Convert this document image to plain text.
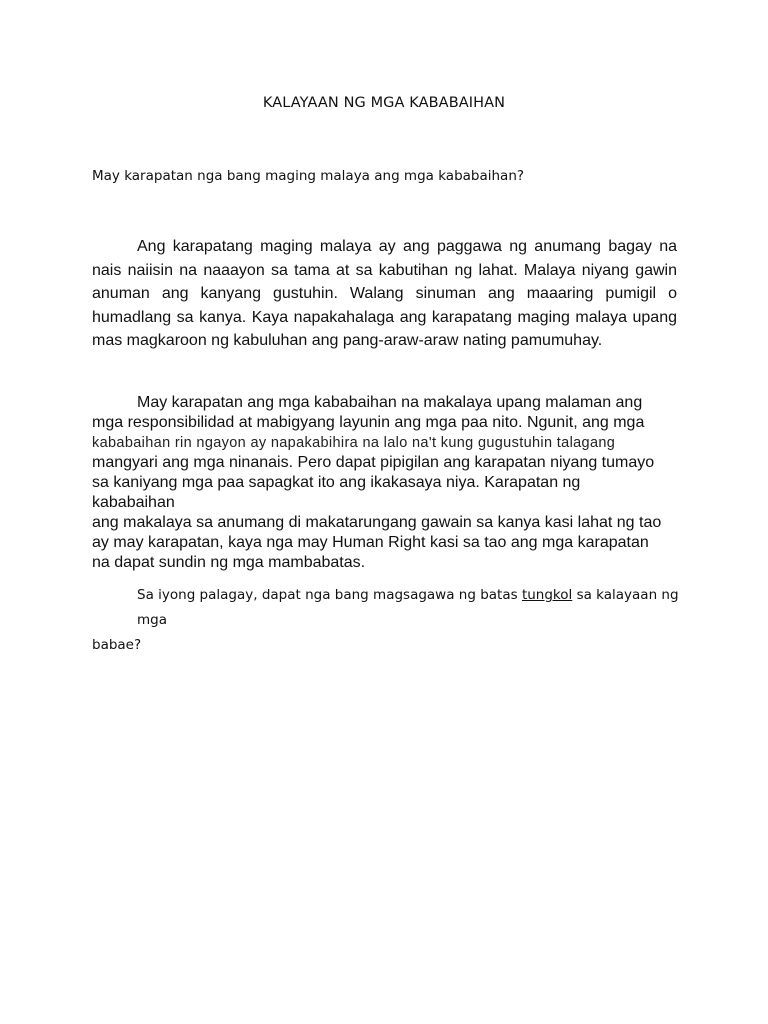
KALAYAAN NG MGA KABABAIHAN
May karapatan nga bang maging malaya ang mga kababaihan?

Ang karapatang maging malaya ay ang paggawa ng anumang bagay na nais naiisin na naaayon sa tama at sa kabutihan ng lahat. Malaya niyang gawin anuman ang kanyang gustuhin. Walang sinuman ang maaaring pumigil o humadlang sa kanya. Kaya napakahalaga ang karapatang maging malaya upang mas magkaroon ng kabuluhan ang pang-araw-araw nating pamumuhay.

May karapatan ang mga kababaihan na makalaya upang malaman ang
mga responsibilidad at mabigyang layunin ang mga paa nito. Ngunit, ang mga
kababaihan rin ngayon ay napakabihira na lalo na't kung gugustuhin talagang
mangyari ang mga ninanais. Pero dapat pipigilan ang karapatan niyang tumayo
sa kaniyang mga paa sapagkat ito ang ikakasaya niya. Karapatan ng kababaihan
ang makalaya sa anumang di makatarungang gawain sa kanya kasi lahat ng tao
ay may karapatan, kaya nga may Human Right kasi sa tao ang mga karapatan
na dapat sundin ng mga mambabatas.
Sa iyong palagay, dapat nga bang magsagawa ng batas tungkol sa kalayaan ng mga
babae?
